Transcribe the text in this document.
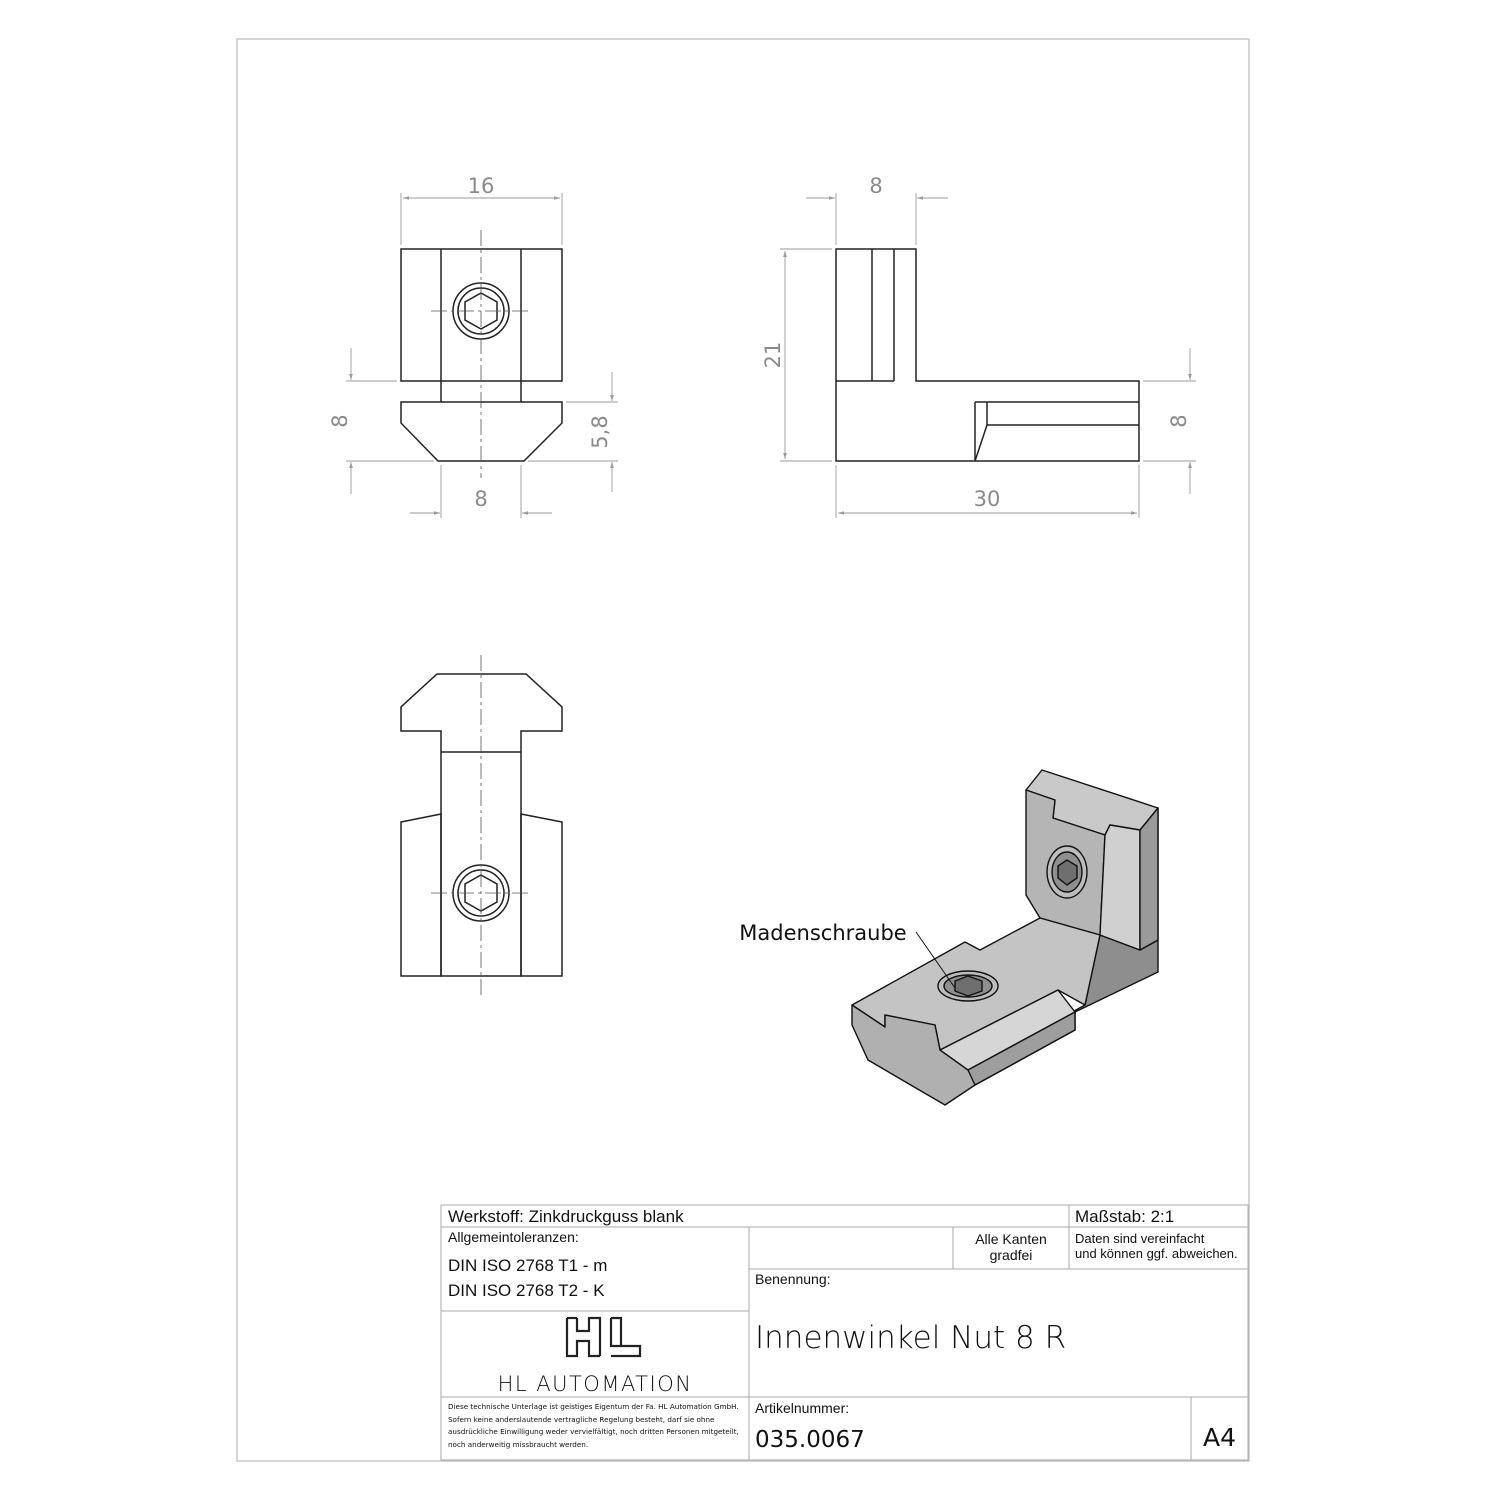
16
8	5,8
8
8
21
8
30
Madenschraube
Werkstoff: Zinkdruckguss blank	Maßstab: 2:1
Allgemeintoleranzen:
DIN ISO 2768 T1 - m
DIN ISO 2768 T2 - K
Alle Kanten
gradfei
Daten sind vereinfacht
und können ggf. abweichen.
Benennung:
Innenwinkel Nut 8 R
HL AUTOMATION
Diese technische Unterlage ist geistiges Eigentum der Fa. HL Automation GmbH. Sofern keine anderslautende vertragliche Regelung besteht, darf sie ohne ausdrückliche Einwilligung weder vervielfältigt, noch dritten Personen mitgeteilt, noch anderweitig missbraucht werden.
Artikelnummer:
035.0067	A4
